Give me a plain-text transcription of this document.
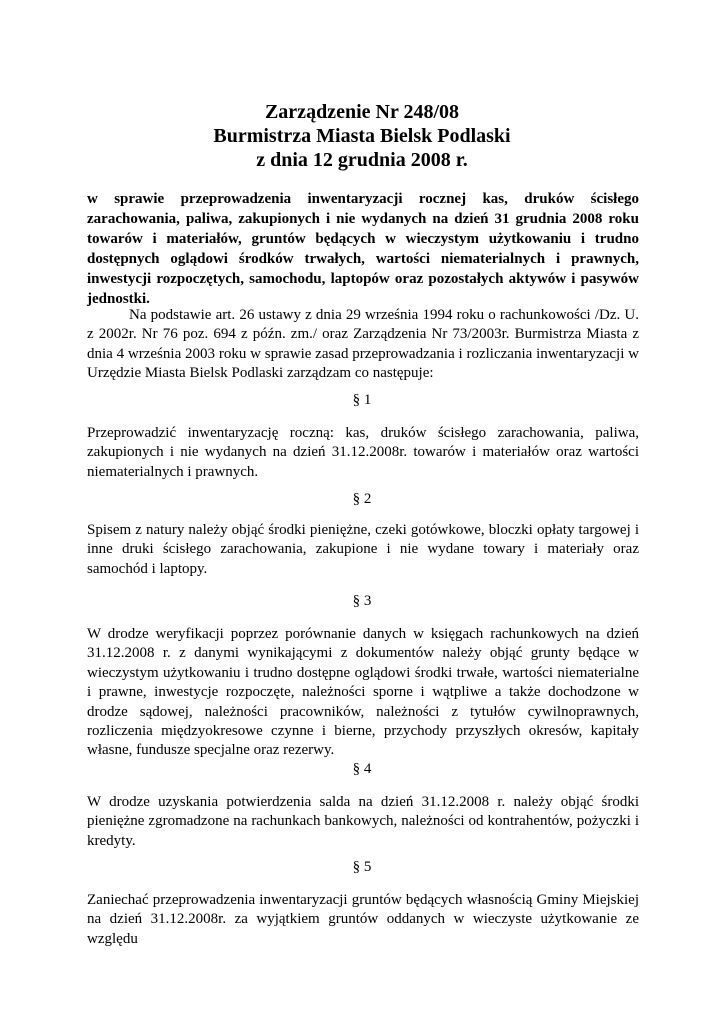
Zarządzenie Nr 248/08
Burmistrza Miasta Bielsk Podlaski
z dnia 12 grudnia 2008 r.
w sprawie przeprowadzenia inwentaryzacji rocznej kas, druków ścisłego zarachowania, paliwa, zakupionych i nie wydanych na dzień 31 grudnia 2008 roku towarów i materiałów, gruntów będących w wieczystym użytkowaniu i trudno dostępnych oglądowi środków trwałych, wartości niematerialnych i prawnych, inwestycji rozpoczętych, samochodu, laptopów oraz pozostałych aktywów i pasywów jednostki.
Na podstawie art. 26 ustawy z dnia 29 września 1994 roku o rachunkowości /Dz. U. z 2002r. Nr 76 poz. 694 z późn. zm./ oraz Zarządzenia Nr 73/2003r. Burmistrza Miasta z dnia 4 września 2003 roku w sprawie zasad przeprowadzania i rozliczania inwentaryzacji w Urzędzie Miasta Bielsk Podlaski zarządzam co następuje:
§ 1
Przeprowadzić inwentaryzację roczną: kas, druków ścisłego zarachowania, paliwa, zakupionych i nie wydanych na dzień 31.12.2008r. towarów i materiałów oraz wartości niematerialnych i prawnych.
§ 2
Spisem z natury należy objąć środki pieniężne, czeki gotówkowe, bloczki opłaty targowej i inne druki ścisłego zarachowania, zakupione i nie wydane towary i materiały oraz samochód i laptopy.
§ 3
W drodze weryfikacji poprzez porównanie danych w księgach rachunkowych na dzień 31.12.2008 r. z danymi wynikającymi z dokumentów należy objąć grunty będące w wieczystym użytkowaniu i trudno dostępne oglądowi środki trwałe, wartości niematerialne i prawne, inwestycje rozpoczęte, należności sporne i wątpliwe a także dochodzone w drodze sądowej, należności pracowników, należności z tytułów cywilnoprawnych, rozliczenia międzyokresowe czynne i bierne, przychody przyszłych okresów, kapitały własne, fundusze specjalne oraz rezerwy.
§ 4
W drodze uzyskania potwierdzenia salda na dzień 31.12.2008 r. należy objąć środki pieniężne zgromadzone na rachunkach bankowych, należności od kontrahentów, pożyczki i kredyty.
§ 5
Zaniechać przeprowadzenia inwentaryzacji gruntów będących własnością Gminy Miejskiej na dzień 31.12.2008r. za wyjątkiem gruntów oddanych w wieczyste użytkowanie ze względu
